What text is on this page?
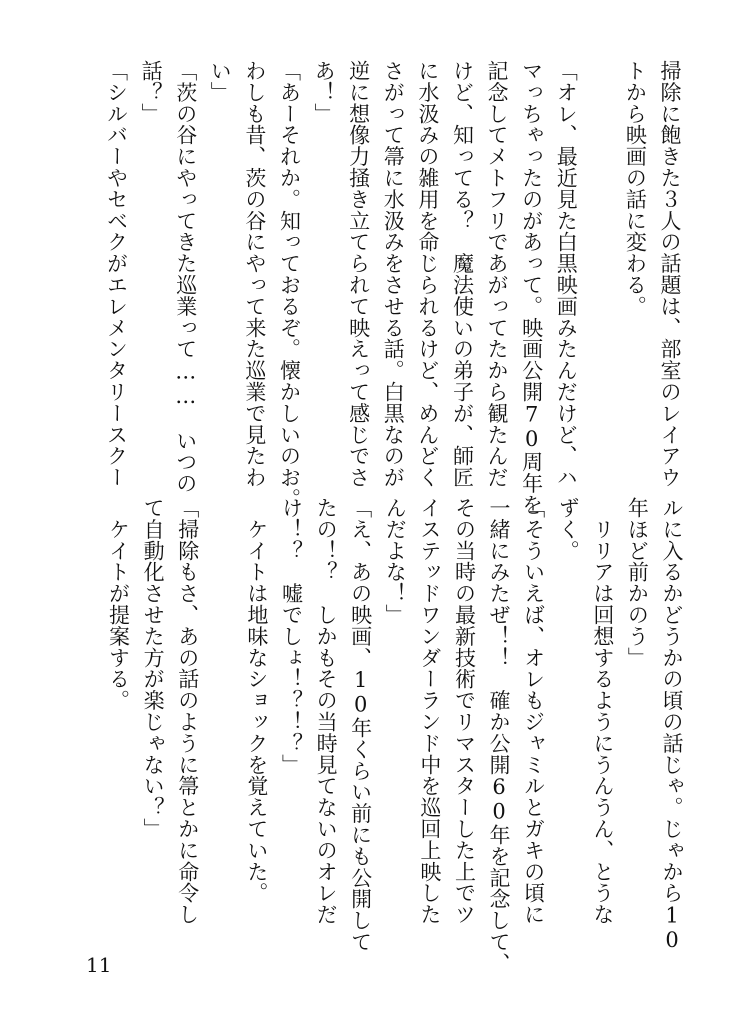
掃除に飽きた３人の話題は、部室のレイアウ
トから映画の話に変わる。
「オレ、最近見た白黒映画みたんだけど、ハ
マっちゃったのがあって。映画公開70周年を
記念してメトフリであがってたから観たんだ
けど、知ってる？　魔法使いの弟子が、師匠
に水汲みの雑用を命じられるけど、めんどく
さがって箒に水汲みをさせる話。白黒なのが
逆に想像力掻き立てられて映えって感じでさ
あ！」
「あーそれか。知っておるぞ。懐かしいのお。
わしも昔、茨の谷にやって来た巡業で見たわ
い」
「茨の谷にやってきた巡業って……　いつの
話？」
「シルバーやセベクがエレメンタリースクー
ルに入るかどうかの頃の話じゃ。じゃから10
年ほど前かのう」
　リリアは回想するようにうんうん、とうな
ずく。
「そういえば、オレもジャミルとガキの頃に
一緒にみたぜ！！　確か公開60年を記念して、
その当時の最新技術でリマスターした上でツ
イステッドワンダーランド中を巡回上映した
んだよな！」
「え、あの映画、10年くらい前にも公開して
たの！？　しかもその当時見てないのオレだ
け！？　嘘でしょ！？！？」
　ケイトは地味なショックを覚えていた。
「掃除もさ、あの話のように箒とかに命令し
て自動化させた方が楽じゃない？」
　ケイトが提案する。
11
